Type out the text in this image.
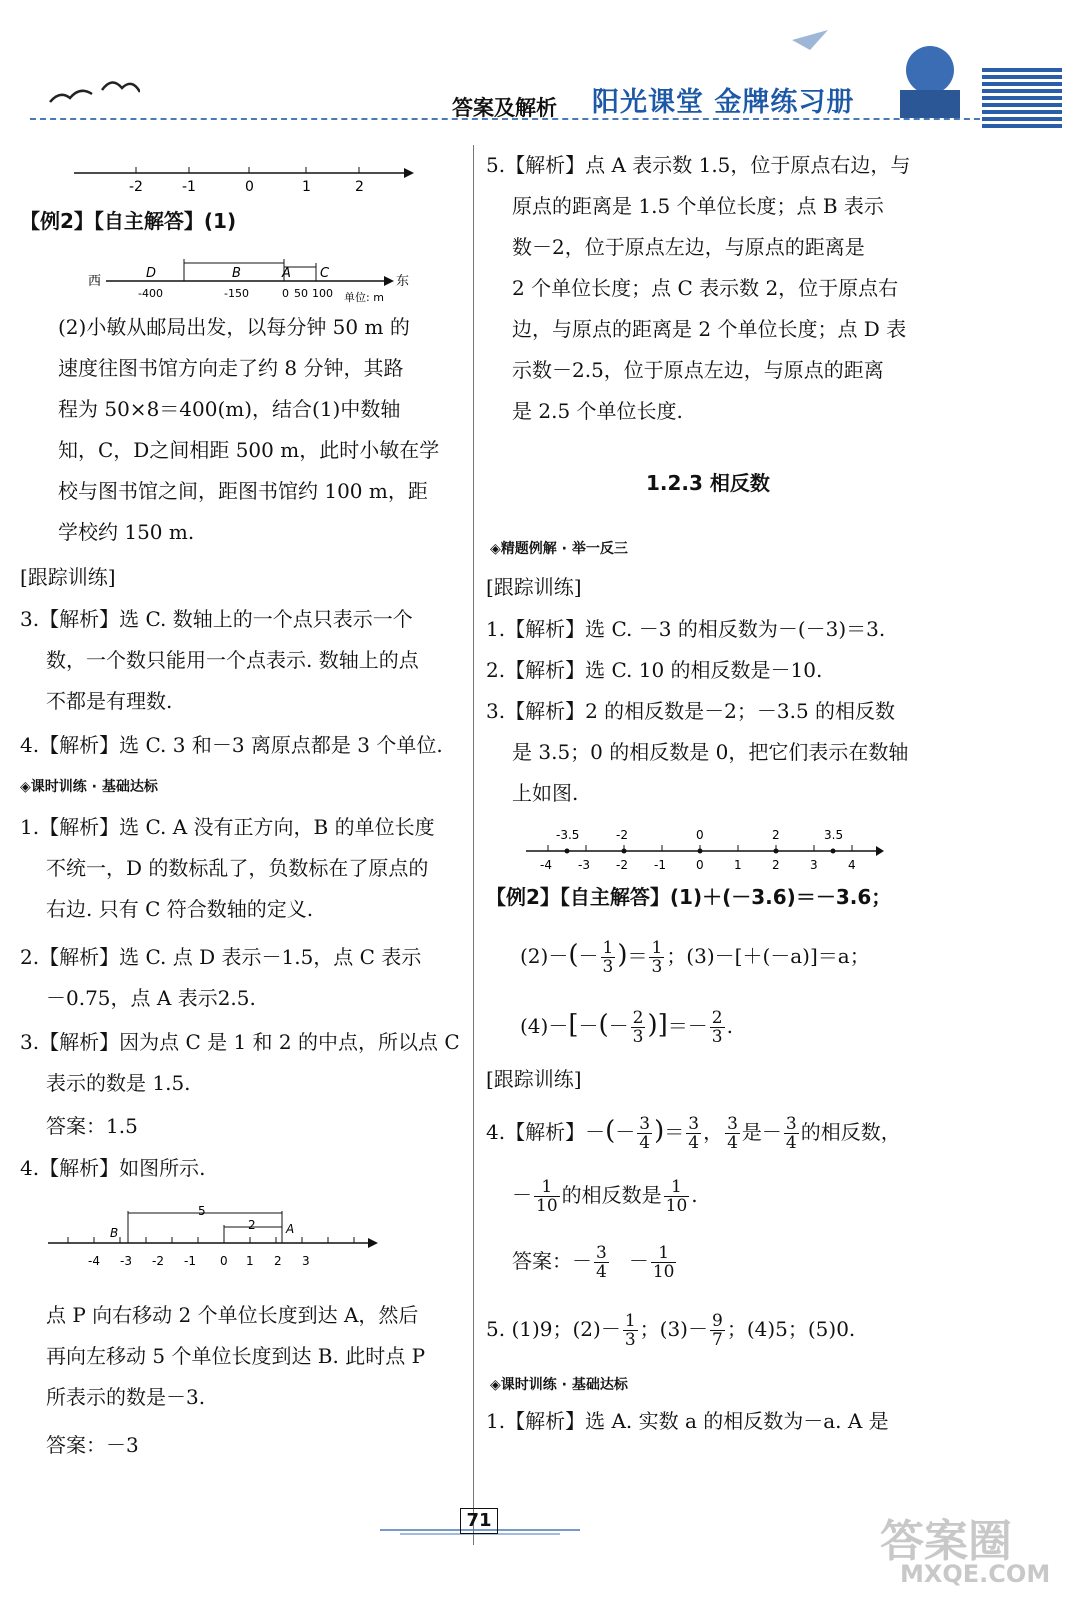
答案及解析 阳光课堂 金牌练习册
-2	-1	0	1	2
【例2】【自主解答】(1)
西	东
D	B	A C
-400	-150	0 50 100 单位: m
(2)小敏从邮局出发，以每分钟 50 m 的
速度往图书馆方向走了约 8 分钟，其路
程为 50×8＝400(m)，结合(1)中数轴
知，C，D之间相距 500 m，此时小敏在学
校与图书馆之间，距图书馆约 100 m，距
学校约 150 m.
[跟踪训练]
3.【解析】选 C. 数轴上的一个点只表示一个
数，一个数只能用一个点表示. 数轴上的点
不都是有理数.
4.【解析】选 C. 3 和－3 离原点都是 3 个单位.
◈课时训练 · 基础达标
1.【解析】选 C. A 没有正方向，B 的单位长度
不统一，D 的数标乱了，负数标在了原点的
右边. 只有 C 符合数轴的定义.
2.【解析】选 C. 点 D 表示－1.5，点 C 表示
－0.75，点 A 表示2.5.
3.【解析】因为点 C 是 1 和 2 的中点，所以点 C
表示的数是 1.5.
答案：1.5
4.【解析】如图所示.
5
2
B	A
-4 -3 -2 -1 0 1 2 3
点 P 向右移动 2 个单位长度到达 A，然后
再向左移动 5 个单位长度到达 B. 此时点 P
所表示的数是－3.
答案：－3
5.【解析】点 A 表示数 1.5，位于原点右边，与
原点的距离是 1.5 个单位长度；点 B 表示
数－2，位于原点左边，与原点的距离是
2 个单位长度；点 C 表示数 2，位于原点右
边，与原点的距离是 2 个单位长度；点 D 表
示数－2.5，位于原点左边，与原点的距离
是 2.5 个单位长度.
1.2.3 相反数
◈精题例解 · 举一反三
[跟踪训练]
1.【解析】选 C. －3 的相反数为－(－3)＝3.
2.【解析】选 C. 10 的相反数是－10.
3.【解析】2 的相反数是－2；－3.5 的相反数
是 3.5；0 的相反数是 0，把它们表示在数轴
上如图.
-3.5	-2	0	2	3.5
-4 -3 -2 -1	0	1	2	3	4
【例2】【自主解答】(1)＋(－3.6)＝－3.6；
$(2)-(- \frac{1}{3}$ )＝ $\frac{1}{3}$ ；(3)－[＋(－a)]＝a；
$(4)-[-(- \frac{2}{3}$ )]＝－ $\frac{2}{3}$ .
[跟踪训练]
4.【解析】－(－ $\frac{3}{4}$ )＝ $\frac{3}{4}$ ， $\frac{3}{4}$ 是－ $\frac{3}{4}$ 的相反数，
－ $\frac{1}{10}$ 的相反数是 $\frac{1}{10}$ .
答案：－ $\frac{3}{4} - \frac{1}{10}$
5. (1)9；$(2)- \frac{1}{3}$ ；$(3)- \frac{9}{7}$ ；(4)5；(5)0.
◈课时训练 · 基础达标
1.【解析】选 A. 实数 a 的相反数为－a. A 是
71	答案圈
MXQE.COM
